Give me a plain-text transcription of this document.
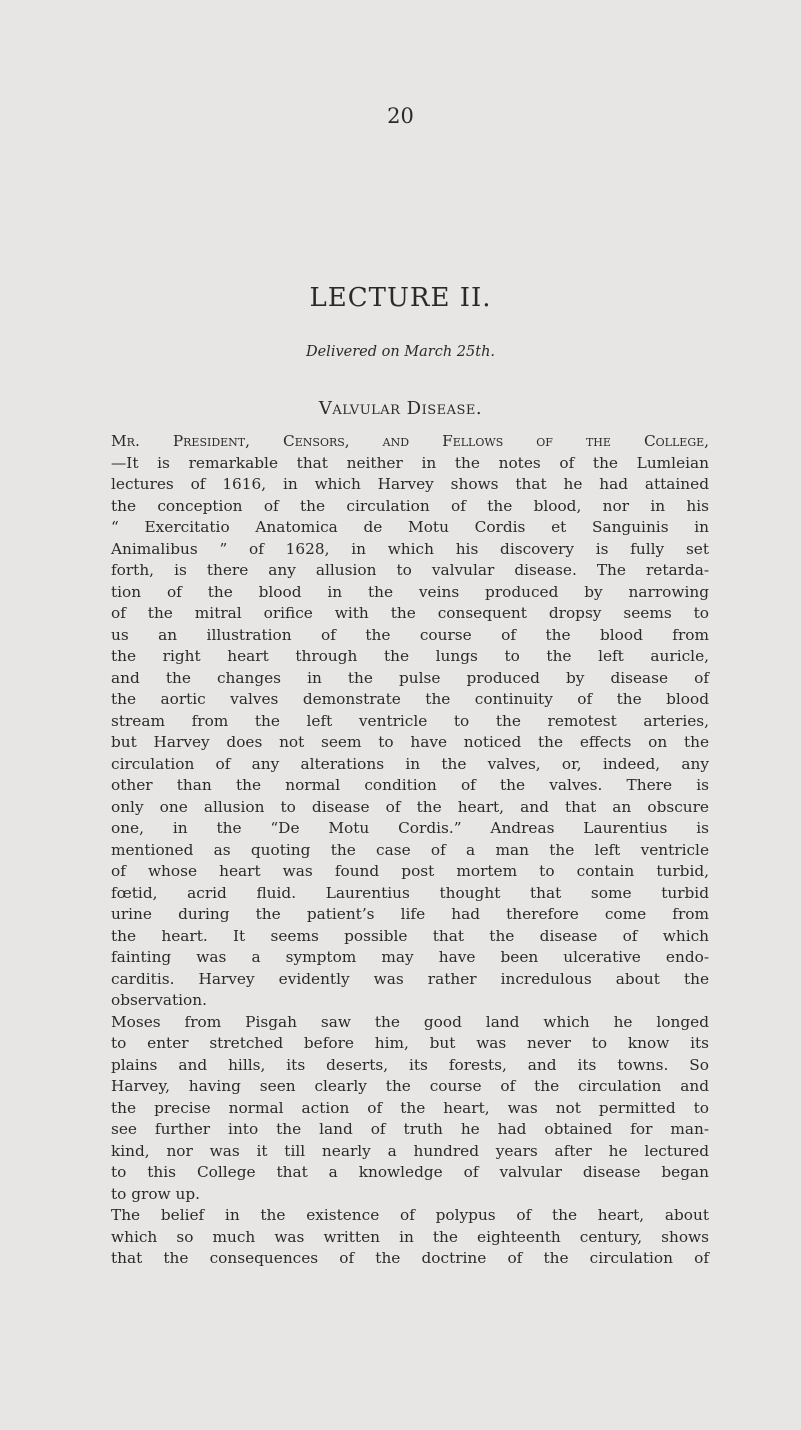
20
LECTURE II.
Delivered on March 25th.
Valvular Disease.
Mr. President, Censors, and Fellows of the College,
—It is remarkable that neither in the notes of the Lumleian
lectures of 1616, in which Harvey shows that he had attained
the conception of the circulation of the blood, nor in his
“ Exercitatio Anatomica de Motu Cordis et Sanguinis in
Animalibus ” of 1628, in which his discovery is fully set
forth, is there any allusion to valvular disease. The retarda-
tion of the blood in the veins produced by narrowing
of the mitral orifice with the consequent dropsy seems to
us an illustration of the course of the blood from
the right heart through the lungs to the left auricle,
and the changes in the pulse produced by disease of
the aortic valves demonstrate the continuity of the blood
stream from the left ventricle to the remotest arteries,
but Harvey does not seem to have noticed the effects on the
circulation of any alterations in the valves, or, indeed, any
other than the normal condition of the valves. There is
only one allusion to disease of the heart, and that an obscure
one, in the “De Motu Cordis.” Andreas Laurentius is
mentioned as quoting the case of a man the left ventricle
of whose heart was found post mortem to contain turbid,
fœtid, acrid fluid. Laurentius thought that some turbid
urine during the patient’s life had therefore come from
the heart. It seems possible that the disease of which
fainting was a symptom may have been ulcerative endo-
carditis. Harvey evidently was rather incredulous about the
observation.
Moses from Pisgah saw the good land which he longed
to enter stretched before him, but was never to know its
plains and hills, its deserts, its forests, and its towns. So
Harvey, having seen clearly the course of the circulation and
the precise normal action of the heart, was not permitted to
see further into the land of truth he had obtained for man-
kind, nor was it till nearly a hundred years after he lectured
to this College that a knowledge of valvular disease began
to grow up.
The belief in the existence of polypus of the heart, about
which so much was written in the eighteenth century, shows
that the consequences of the doctrine of the circulation of
